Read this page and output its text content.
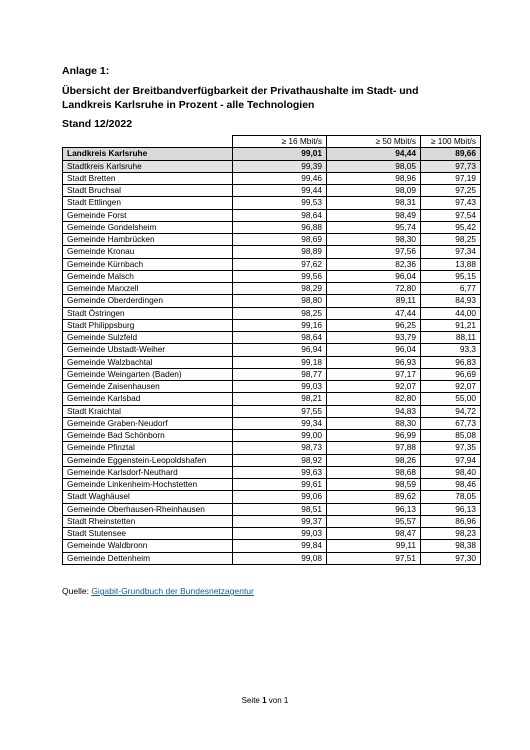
Anlage 1:
Übersicht der Breitbandverfügbarkeit der Privathaushalte im Stadt- und Landkreis Karlsruhe in Prozent - alle Technologien
Stand 12/2022
	≥ 16 Mbit/s	≥ 50 Mbit/s	≥ 100 Mbit/s
Landkreis Karlsruhe	99,01	94,44	89,66
Stadtkreis Karlsruhe	99,39	98,05	97,73
Stadt Bretten	99,46	98,96	97,19
Stadt Bruchsal	99,44	98,09	97,25
Stadt Ettlingen	99,53	98,31	97,43
Gemeinde Forst	98,64	98,49	97,54
Gemeinde Gondelsheim	96,88	95,74	95,42
Gemeinde Hambrücken	98,69	98,30	98,25
Gemeinde Kronau	98,89	97,56	97,34
Gemeinde Kürnbach	97,62	82,36	13,88
Gemeinde Malsch	99,56	96,04	95,15
Gemeinde Marxzell	98,29	72,80	6,77
Gemeinde Oberderdingen	98,80	89,11	84,93
Stadt Östringen	98,25	47,44	44,00
Stadt Philippsburg	99,16	96,25	91,21
Gemeinde Sulzfeld	98,64	93,79	88,11
Gemeinde Ubstadt-Weiher	96,94	96,04	93,3
Gemeinde Walzbachtal	99,18	96,93	96,83
Gemeinde Weingarten (Baden)	98,77	97,17	96,69
Gemeinde Zaisenhausen	99,03	92,07	92,07
Gemeinde Karlsbad	98,21	82,80	55,00
Stadt Kraichtal	97,55	94,83	94,72
Gemeinde Graben-Neudorf	99,34	88,30	67,73
Gemeinde Bad Schönborn	99,00	96,99	85,08
Gemeinde Pfinztal	98,73	97,88	97,35
Gemeinde Eggenstein-Leopoldshafen	98,92	98,26	97,94
Gemeinde Karlsdorf-Neuthard	99,63	98,68	98,40
Gemeinde Linkenheim-Hochstetten	99,61	98,59	98,46
Stadt Waghäusel	99,06	89,62	78,05
Gemeinde Oberhausen-Rheinhausen	98,51	96,13	96,13
Stadt Rheinstetten	99,37	95,57	86,96
Stadt Stutensee	99,03	98,47	98,23
Gemeinde Waldbronn	99,84	99,11	98,38
Gemeinde Dettenheim	99,08	97,51	97,30
Quelle: Gigabit-Grundbuch der Bundesnetzagentur
Seite 1 von 1
